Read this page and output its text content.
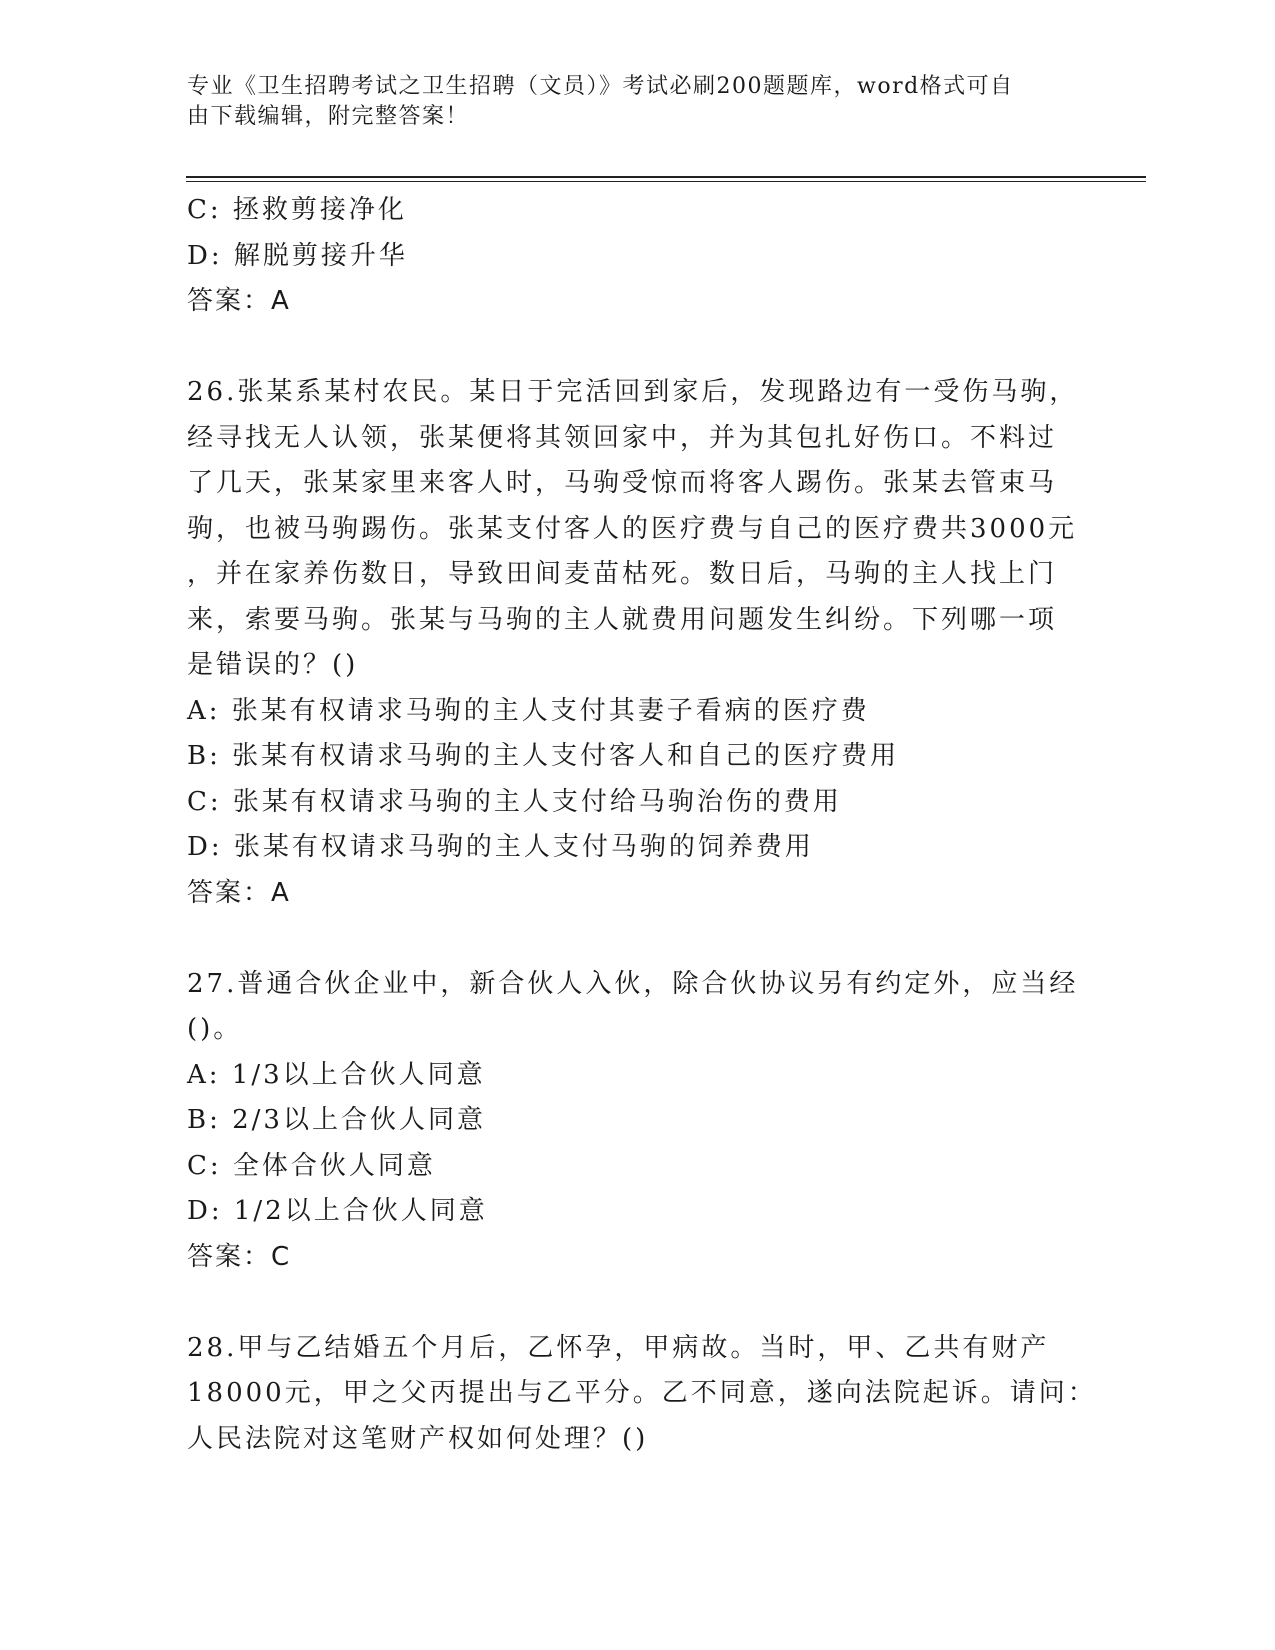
专业《卫生招聘考试之卫生招聘（文员）》考试必刷200题题库，word格式可自
由下载编辑，附完整答案！
C: 拯救剪接净化
D: 解脱剪接升华
答案：A
26.张某系某村农民。某日于完活回到家后，发现路边有一受伤马驹，
经寻找无人认领，张某便将其领回家中，并为其包扎好伤口。不料过
了几天，张某家里来客人时，马驹受惊而将客人踢伤。张某去管束马
驹，也被马驹踢伤。张某支付客人的医疗费与自己的医疗费共3000元
，并在家养伤数日，导致田间麦苗枯死。数日后，马驹的主人找上门
来，索要马驹。张某与马驹的主人就费用问题发生纠纷。下列哪一项
是错误的？()
A: 张某有权请求马驹的主人支付其妻子看病的医疗费
B: 张某有权请求马驹的主人支付客人和自己的医疗费用
C: 张某有权请求马驹的主人支付给马驹治伤的费用
D: 张某有权请求马驹的主人支付马驹的饲养费用
答案：A
27.普通合伙企业中，新合伙人入伙，除合伙协议另有约定外，应当经
()。
A: 1/3以上合伙人同意
B: 2/3以上合伙人同意
C: 全体合伙人同意
D: 1/2以上合伙人同意
答案：C
28.甲与乙结婚五个月后，乙怀孕，甲病故。当时，甲、乙共有财产
18000元，甲之父丙提出与乙平分。乙不同意，遂向法院起诉。请问：
人民法院对这笔财产权如何处理？()
